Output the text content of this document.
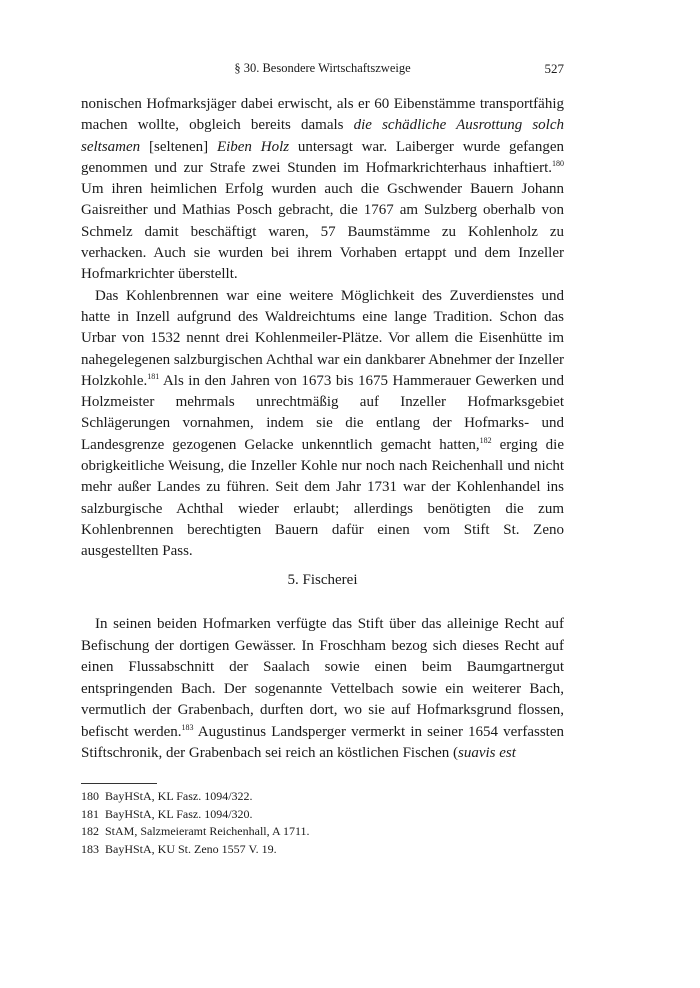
§ 30. Besondere Wirtschaftszweige	527

nonischen Hofmarksjäger dabei erwischt, als er 60 Eibenstämme transportfähig machen wollte, obgleich bereits damals die schädliche Ausrottung solch seltsamen [seltenen] Eiben Holz untersagt war. Laiberger wurde gefangen genommen und zur Strafe zwei Stunden im Hofmarkrichterhaus inhaftiert.$^{180}$ Um ihren heimlichen Erfolg wurden auch die Gschwender Bauern Johann Gaisreither und Mathias Posch gebracht, die 1767 am Sulzberg oberhalb von Schmelz damit beschäftigt waren, 57 Baumstämme zu Kohlenholz zu verhacken. Auch sie wurden bei ihrem Vorhaben ertappt und dem Inzeller Hofmarkrichter überstellt.

Das Kohlenbrennen war eine weitere Möglichkeit des Zuverdienstes und hatte in Inzell aufgrund des Waldreichtums eine lange Tradition. Schon das Urbar von 1532 nennt drei Kohlenmeiler-Plätze. Vor allem die Eisenhütte im nahegelegenen salzburgischen Achthal war ein dankbarer Abnehmer der Inzeller Holzkohle.$^{181}$ Als in den Jahren von 1673 bis 1675 Hammerauer Gewerken und Holzmeister mehrmals unrechtmäßig auf Inzeller Hofmarksgebiet Schlägerungen vornahmen, indem sie die entlang der Hofmarks- und Landesgrenze gezogenen Gelacke unkenntlich gemacht hatten,$^{182}$ erging die obrigkeitliche Weisung, die Inzeller Kohle nur noch nach Reichenhall und nicht mehr außer Landes zu führen. Seit dem Jahr 1731 war der Kohlenhandel ins salzburgische Achthal wieder erlaubt; allerdings benötigten die zum Kohlenbrennen berechtigten Bauern dafür einen vom Stift St. Zeno ausgestellten Pass.

5. Fischerei

In seinen beiden Hofmarken verfügte das Stift über das alleinige Recht auf Befischung der dortigen Gewässer. In Froschham bezog sich dieses Recht auf einen Flussabschnitt der Saalach sowie einen beim Baumgartnergut entspringenden Bach. Der sogenannte Vettelbach sowie ein weiterer Bach, vermutlich der Grabenbach, durften dort, wo sie auf Hofmarksgrund flossen, befischt werden.$^{183}$ Augustinus Landsperger vermerkt in seiner 1654 verfassten Stiftschronik, der Grabenbach sei reich an köstlichen Fischen (suavis est

180 BayHStA, KL Fasz. 1094/322.
181 BayHStA, KL Fasz. 1094/320.
182 StAM, Salzmeieramt Reichenhall, A 1711.
183 BayHStA, KU St. Zeno 1557 V. 19.
